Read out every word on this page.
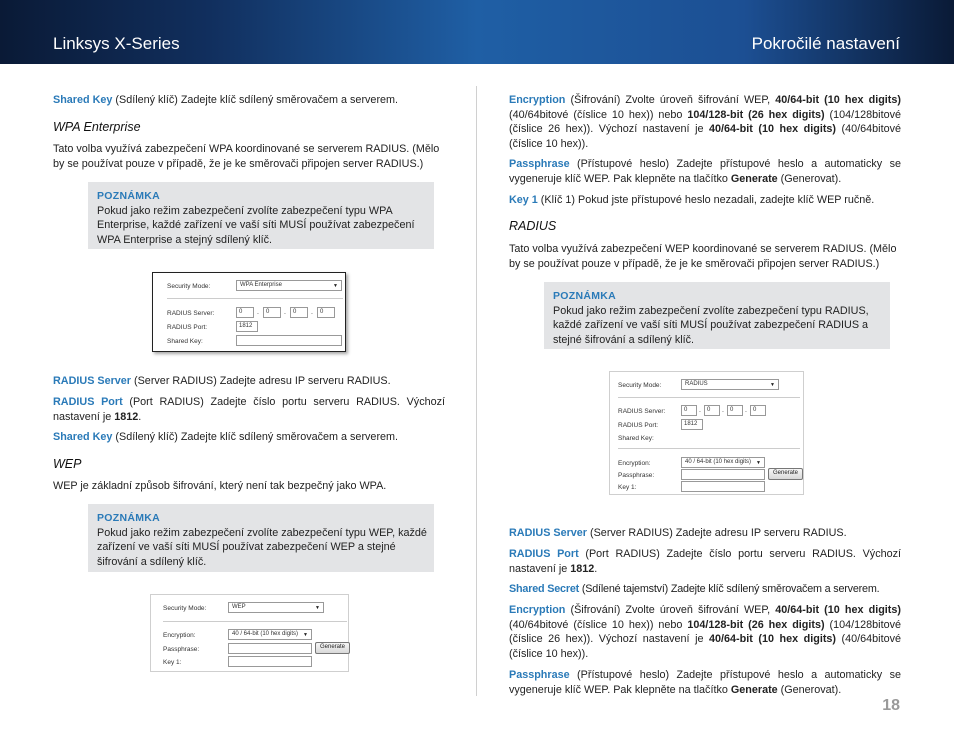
Linksys X-Series	Pokročilé nastavení
Shared Key (Sdílený klíč) Zadejte klíč sdílený směrovačem a serverem.
WPA Enterprise
Tato volba využívá zabezpečení WPA koordinované se serverem RADIUS. (Mělo by se používat pouze v případě, že je ke směrovači připojen server RADIUS.)
POZNÁMKA
Pokud jako režim zabezpečení zvolíte zabezpečení typu WPA Enterprise, každé zařízení ve vaší síti MUSÍ používat zabezpečení WPA Enterprise a stejný sdílený klíč.
Security Mode:	WPA Enterprise	▼
RADIUS Server:	0	.	0	.	0	.	0
RADIUS Port:	1812
Shared Key:
RADIUS Server (Server RADIUS) Zadejte adresu IP serveru RADIUS.
RADIUS Port (Port RADIUS) Zadejte číslo portu serveru RADIUS. Výchozí nastavení je 1812.
Shared Key (Sdílený klíč) Zadejte klíč sdílený směrovačem a serverem.
WEP
WEP je základní způsob šifrování, který není tak bezpečný jako WPA.
POZNÁMKA
Pokud jako režim zabezpečení zvolíte zabezpečení typu WEP, každé zařízení ve vaší síti MUSÍ používat zabezpečení WEP a stejné šifrování a sdílený klíč.
Security Mode:	WEP	▼
Encryption:	40 / 64-bit (10 hex digits) ▼
Passphrase:	Generate
Key 1:
Encryption (Šifrování) Zvolte úroveň šifrování WEP, 40/64-bit (10 hex digits) (40/64bitové (číslice 10 hex)) nebo 104/128-bit (26 hex digits) (104/128bitové (číslice 26 hex)). Výchozí nastavení je 40/64-bit (10 hex digits) (40/64bitové (číslice 10 hex)).
Passphrase (Přístupové heslo) Zadejte přístupové heslo a automaticky se vygeneruje klíč WEP. Pak klepněte na tlačítko Generate (Generovat).
Key 1 (Klíč 1) Pokud jste přístupové heslo nezadali, zadejte klíč WEP ručně.
RADIUS
Tato volba využívá zabezpečení WEP koordinované se serverem RADIUS. (Mělo by se používat pouze v případě, že je ke směrovači připojen server RADIUS.)
POZNÁMKA
Pokud jako režim zabezpečení zvolíte zabezpečení typu RADIUS, každé zařízení ve vaší síti MUSÍ používat zabezpečení RADIUS a stejné šifrování a sdílený klíč.
Security Mode:	RADIUS	▼
RADIUS Server:	0	.	0	.	0	.	0
RADIUS Port:	1812
Shared Key:
Encryption:	40 / 64-bit (10 hex digits) ▼
Passphrase:	Generate
Key 1:
RADIUS Server (Server RADIUS) Zadejte adresu IP serveru RADIUS.
RADIUS Port (Port RADIUS) Zadejte číslo portu serveru RADIUS. Výchozí nastavení je 1812.
Shared Secret (Sdílené tajemství) Zadejte klíč sdílený směrovačem a serverem.
Encryption (Šifrování) Zvolte úroveň šifrování WEP, 40/64-bit (10 hex digits) (40/64bitové (číslice 10 hex)) nebo 104/128-bit (26 hex digits) (104/128bitové (číslice 26 hex)). Výchozí nastavení je 40/64-bit (10 hex digits) (40/64bitové (číslice 10 hex)).
Passphrase (Přístupové heslo) Zadejte přístupové heslo a automaticky se vygeneruje klíč WEP. Pak klepněte na tlačítko Generate (Generovat).
18
